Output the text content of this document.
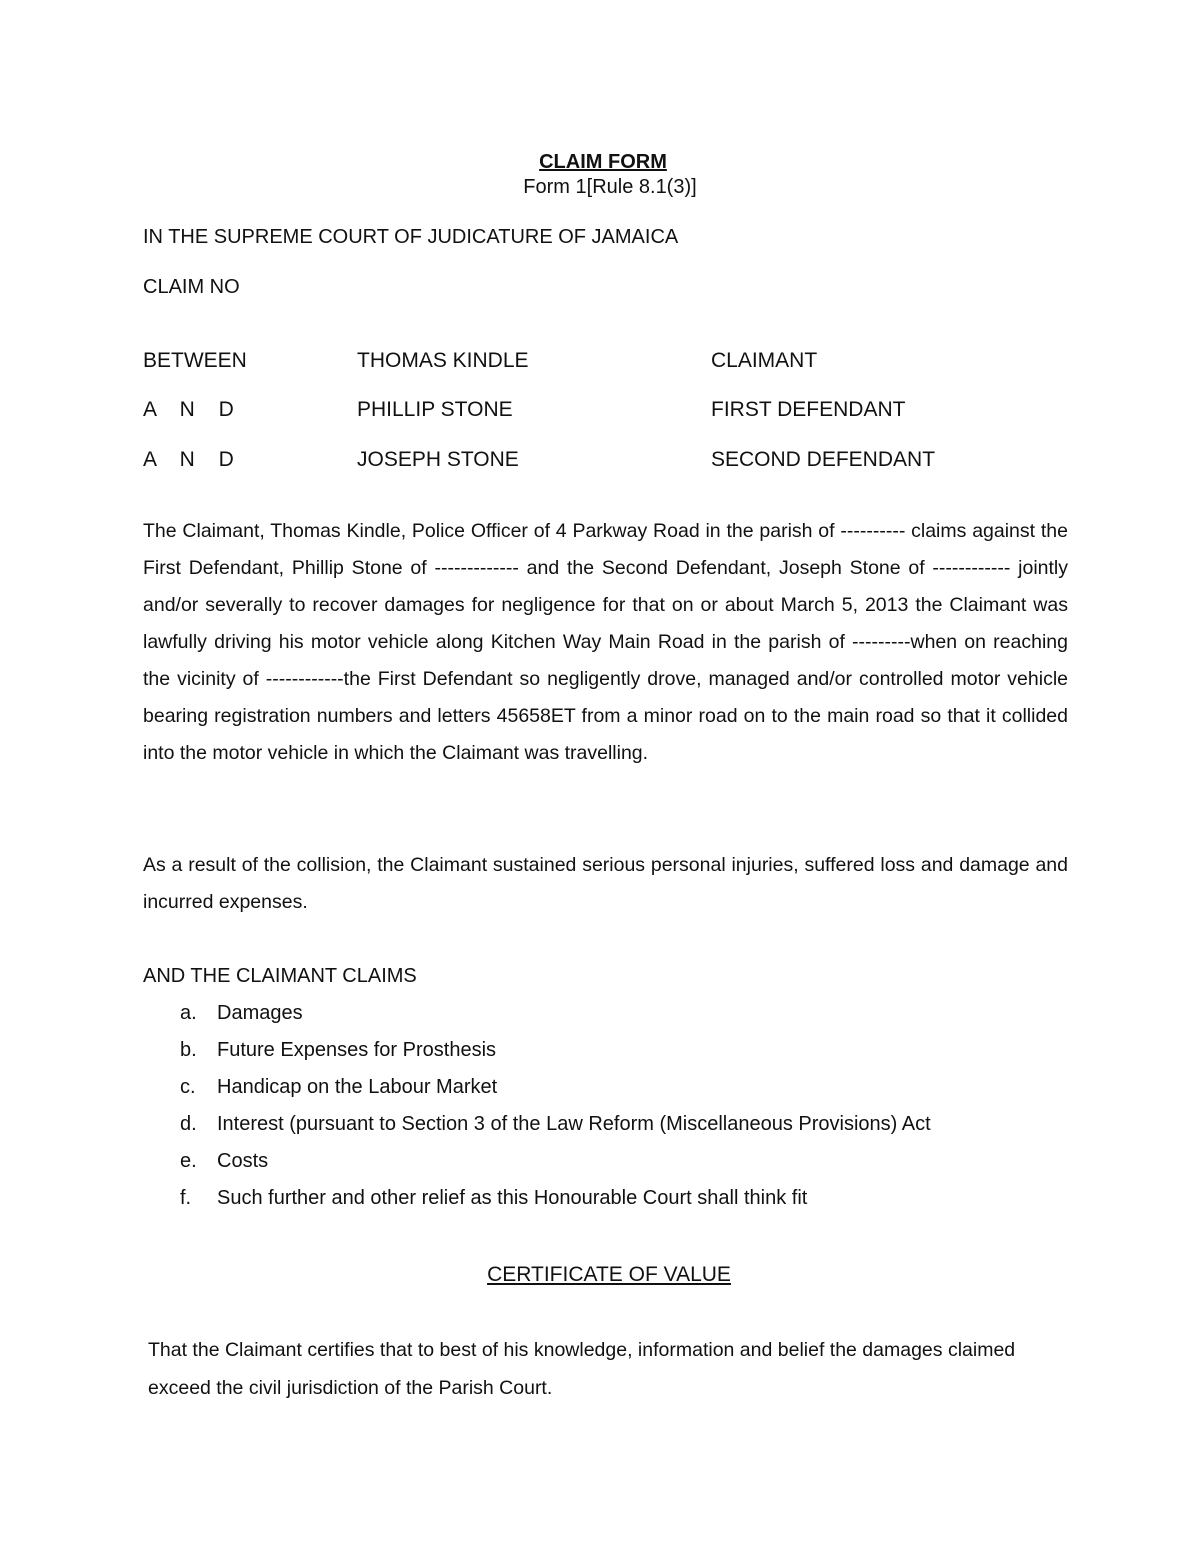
CLAIM FORM
Form 1[Rule 8.1(3)]
IN THE SUPREME COURT OF JUDICATURE OF JAMAICA
CLAIM NO
BETWEEN	THOMAS KINDLE	CLAIMANT
A N D	PHILLIP STONE	FIRST DEFENDANT
A N D	JOSEPH STONE	SECOND DEFENDANT

The Claimant, Thomas Kindle, Police Officer of 4 Parkway Road in the parish of ---------- claims against the First Defendant, Phillip Stone of ------------- and the Second Defendant, Joseph Stone of ------------ jointly and/or severally to recover damages for negligence for that on or about March 5, 2013 the Claimant was lawfully driving his motor vehicle along Kitchen Way Main Road in the parish of ---------when on reaching the vicinity of ------------the First Defendant so negligently drove, managed and/or controlled motor vehicle bearing registration numbers and letters 45658ET from a minor road on to the main road so that it collided into the motor vehicle in which the Claimant was travelling.

As a result of the collision, the Claimant sustained serious personal injuries, suffered loss and damage and incurred expenses.

AND THE CLAIMANT CLAIMS
a. Damages
b. Future Expenses for Prosthesis
c. Handicap on the Labour Market
d. Interest (pursuant to Section 3 of the Law Reform (Miscellaneous Provisions) Act
e. Costs
f. Such further and other relief as this Honourable Court shall think fit
CERTIFICATE OF VALUE

That the Claimant certifies that to best of his knowledge, information and belief the damages claimed exceed the civil jurisdiction of the Parish Court.
